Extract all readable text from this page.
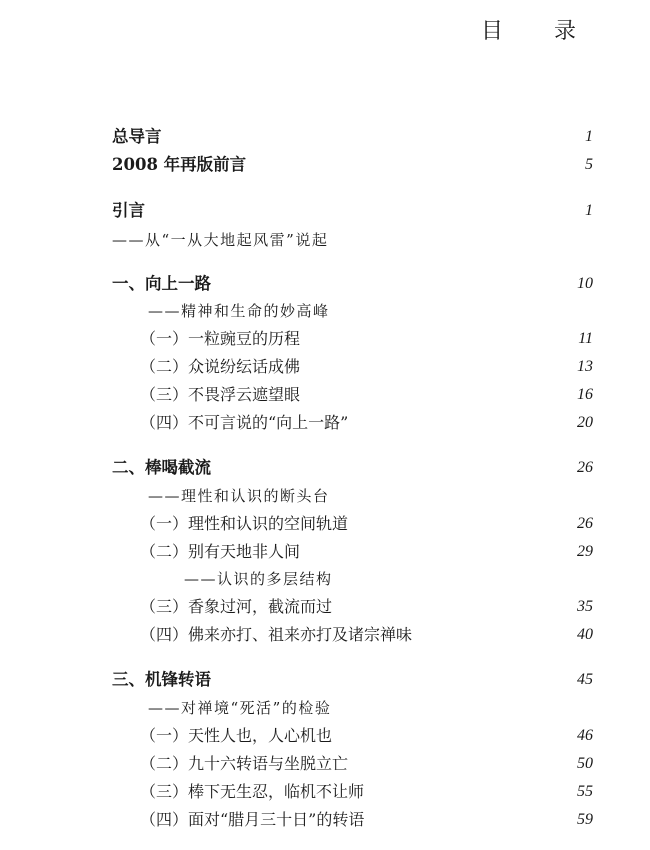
目 录
总导言	1
2008 年再版前言	5
引言	1
——从“一从大地起风雷”说起
一、向上一路	10
——精神和生命的妙高峰
（一）一粒豌豆的历程	11
（二）众说纷纭话成佛	13
（三）不畏浮云遮望眼	16
（四）不可言说的“向上一路”	20
二、棒喝截流	26
——理性和认识的断头台
（一）理性和认识的空间轨道	26
（二）别有天地非人间	29
——认识的多层结构
（三）香象过河，截流而过	35
（四）佛来亦打、祖来亦打及诸宗禅味	40
三、机锋转语	45
——对禅境“死活”的检验
（一）天性人也，人心机也	46
（二）九十六转语与坐脱立亡	50
（三）棒下无生忍，临机不让师	55
（四）面对“腊月三十日”的转语	59
